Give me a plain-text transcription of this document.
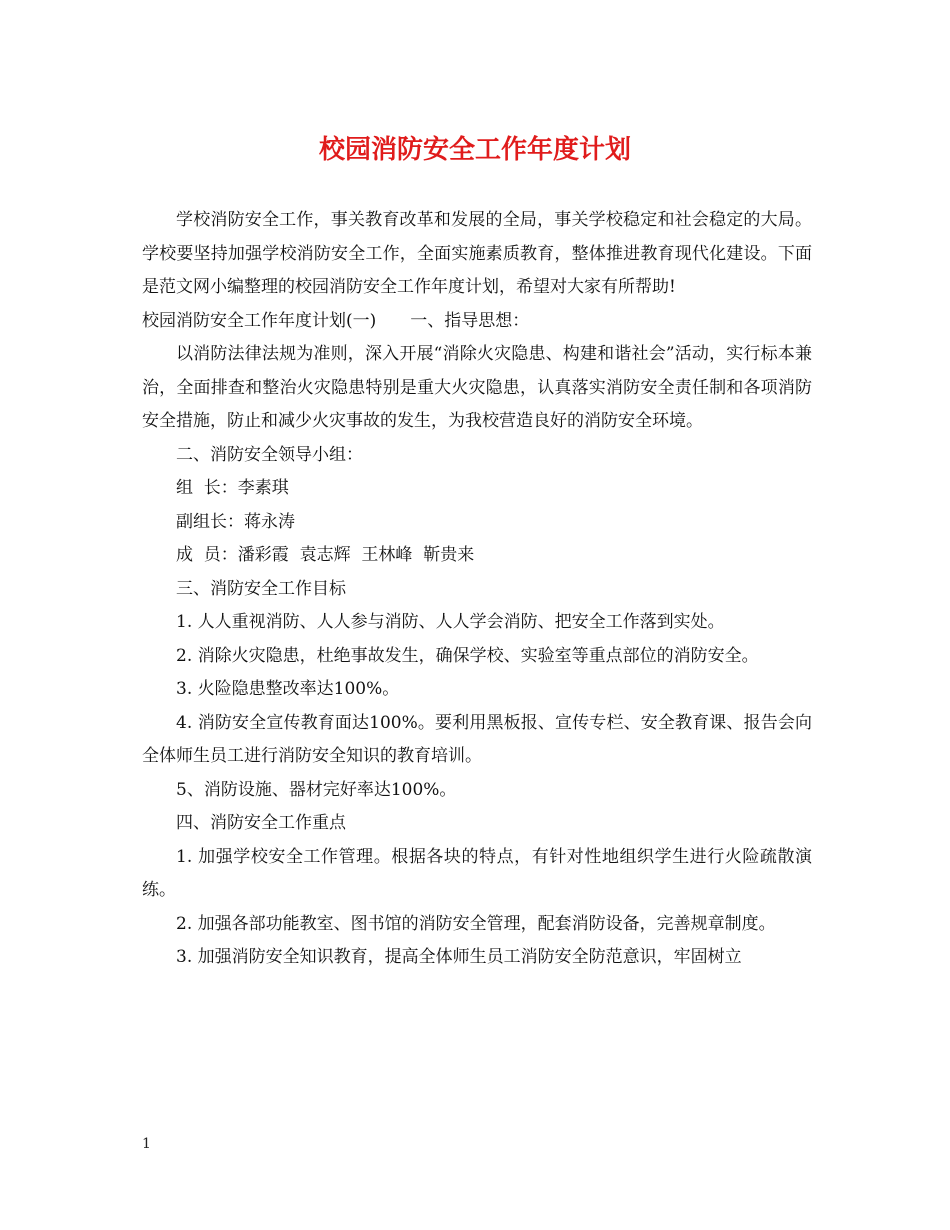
校园消防安全工作年度计划

学校消防安全工作，事关教育改革和发展的全局，事关学校稳定和社会稳定的大局。学校要坚持加强学校消防安全工作，全面实施素质教育，整体推进教育现代化建设。下面是范文网小编整理的校园消防安全工作年度计划，希望对大家有所帮助!

校园消防安全工作年度计划(一)　　一、指导思想：

以消防法律法规为准则，深入开展“消除火灾隐患、构建和谐社会”活动，实行标本兼治，全面排查和整治火灾隐患特别是重大火灾隐患，认真落实消防安全责任制和各项消防安全措施，防止和减少火灾事故的发生，为我校营造良好的消防安全环境。

二、消防安全领导小组：

组  长：李素琪

副组长：蒋永涛

成  员：潘彩霞  袁志辉  王林峰  靳贵来

三、消防安全工作目标

1. 人人重视消防、人人参与消防、人人学会消防、把安全工作落到实处。

2. 消除火灾隐患，杜绝事故发生，确保学校、实验室等重点部位的消防安全。

3. 火险隐患整改率达100%。

4. 消防安全宣传教育面达100%。要利用黑板报、宣传专栏、安全教育课、报告会向全体师生员工进行消防安全知识的教育培训。

5、消防设施、器材完好率达100%。

四、消防安全工作重点

1. 加强学校安全工作管理。根据各块的特点，有针对性地组织学生进行火险疏散演练。

2. 加强各部功能教室、图书馆的消防安全管理，配套消防设备，完善规章制度。

3. 加强消防安全知识教育，提高全体师生员工消防安全防范意识，牢固树立

1
